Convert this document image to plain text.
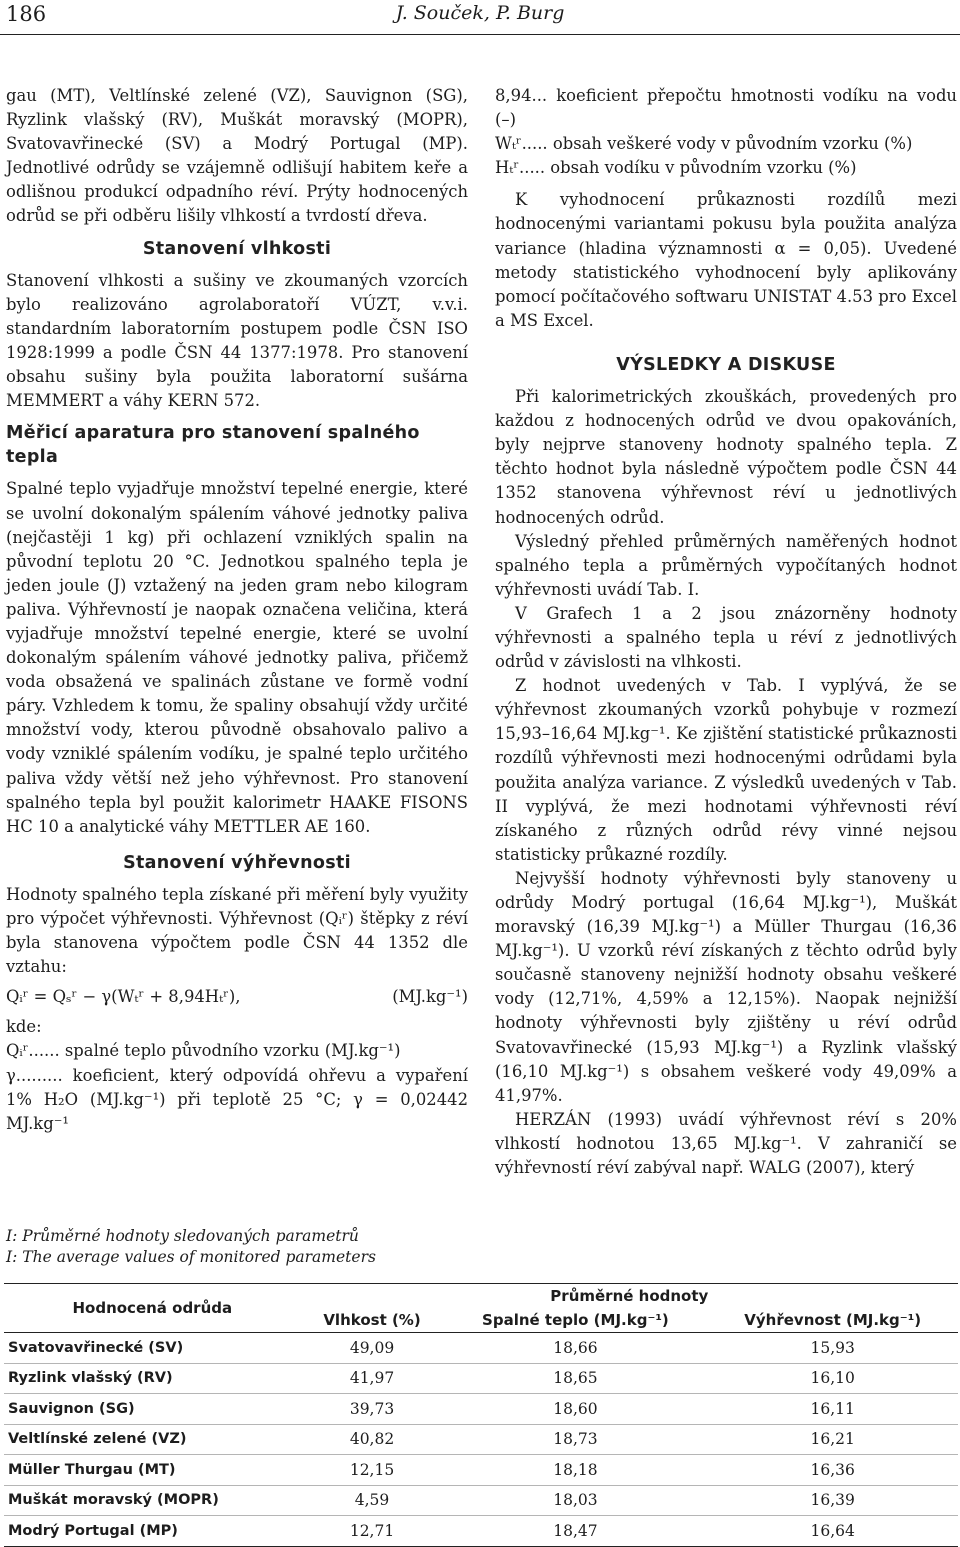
186	J. Souček, P. Burg

gau (MT), Veltlínské zelené (VZ), Sauvignon (SG), Ryzlink vlašský (RV), Muškát moravský (MOPR), Svatovavřinecké (SV) a Modrý Portugal (MP). Jednotlivé odrůdy se vzájemně odlišují habitem keře a odlišnou produkcí odpadního réví. Prýty hodnocených odrůd se při odběru lišily vlhkostí a tvrdostí dřeva.

Stanovení vlhkosti

Stanovení vlhkosti a sušiny ve zkoumaných vzorcích bylo realizováno agrolaboratoří VÚZT, v.v.i. standardním laboratorním postupem podle ČSN ISO 1928:1999 a podle ČSN 44 1377:1978. Pro stanovení obsahu sušiny byla použita laboratorní sušárna MEMMERT a váhy KERN 572.

Měřicí aparatura pro stanovení spalného tepla

Spalné teplo vyjadřuje množství tepelné energie, které se uvolní dokonalým spálením váhové jednotky paliva (nejčastěji 1 kg) při ochlazení vzniklých spalin na původní teplotu 20 °C. Jednotkou spalného tepla je jeden joule (J) vztažený na jeden gram nebo kilogram paliva. Výhřevností je naopak označena veličina, která vyjadřuje množství tepelné energie, které se uvolní dokonalým spálením váhové jednotky paliva, přičemž voda obsažená ve spalinách zůstane ve formě vodní páry. Vzhledem k tomu, že spaliny obsahují vždy určité množství vody, kterou původně obsahovalo palivo a vody vzniklé spálením vodíku, je spalné teplo určitého paliva vždy větší než jeho výhřevnost. Pro stanovení spalného tepla byl použit kalorimetr HAAKE FISONS HC 10 a analytické váhy METTLER AE 160.

Stanovení výhřevnosti

Hodnoty spalného tepla získané při měření byly využity pro výpočet výhřevnosti. Výhřevnost (Qᵢʳ) štěpky z réví byla stanovena výpočtem podle ČSN 44 1352 dle vztahu:

Qᵢʳ = Qₛʳ − γ(Wₜʳ + 8,94Hₜʳ),	(MJ.kg⁻¹)

kde:

Qᵢʳ...... spalné teplo původního vzorku (MJ.kg⁻¹)

γ......... koeficient, který odpovídá ohřevu a vypaření 1% H₂O (MJ.kg⁻¹) při teplotě 25 °C; γ = 0,02442 MJ.kg⁻¹

8,94... koeficient přepočtu hmotnosti vodíku na vodu (–)

Wₜʳ..... obsah veškeré vody v původním vzorku (%)

Hₜʳ..... obsah vodíku v původním vzorku (%)

K vyhodnocení průkaznosti rozdílů mezi hodnocenými variantami pokusu byla použita analýza variance (hladina významnosti α = 0,05). Uvedené metody statistického vyhodnocení byly aplikovány pomocí počítačového softwaru UNISTAT 4.53 pro Excel a MS Excel.

VÝSLEDKY A DISKUSE

Při kalorimetrických zkouškách, provedených pro každou z hodnocených odrůd ve dvou opakováních, byly nejprve stanoveny hodnoty spalného tepla. Z těchto hodnot byla následně výpočtem podle ČSN 44 1352 stanovena výhřevnost réví u jednotlivých hodnocených odrůd.

Výsledný přehled průměrných naměřených hodnot spalného tepla a průměrných vypočítaných hodnot výhřevnosti uvádí Tab. I.

V Grafech 1 a 2 jsou znázorněny hodnoty výhřevnosti a spalného tepla u réví z jednotlivých odrůd v závislosti na vlhkosti.

Z hodnot uvedených v Tab. I vyplývá, že se výhřevnost zkoumaných vzorků pohybuje v rozmezí 15,93–16,64 MJ.kg⁻¹. Ke zjištění statistické průkaznosti rozdílů výhřevnosti mezi hodnocenými odrůdami byla použita analýza variance. Z výsledků uvedených v Tab. II vyplývá, že mezi hodnotami výhřevnosti réví získaného z různých odrůd révy vinné nejsou statisticky průkazné rozdíly.

Nejvyšší hodnoty výhřevnosti byly stanoveny u odrůdy Modrý portugal (16,64 MJ.kg⁻¹), Muškát moravský (16,39 MJ.kg⁻¹) a Müller Thurgau (16,36 MJ.kg⁻¹). U vzorků réví získaných z těchto odrůd byly současně stanoveny nejnižší hodnoty obsahu veškeré vody (12,71%, 4,59% a 12,15%). Naopak nejnižší hodnoty výhřevnosti byly zjištěny u réví odrůd Svatovavřinecké (15,93 MJ.kg⁻¹) a Ryzlink vlašský (16,10 MJ.kg⁻¹) s obsahem veškeré vody 49,09% a 41,97%.

HERZÁN (1993) uvádí výhřevnost réví s 20% vlhkostí hodnotou 13,65 MJ.kg⁻¹. V zahraničí se výhřevností réví zabýval např. WALG (2007), který

I: Průměrné hodnoty sledovaných parametrů
I: The average values of monitored parameters
Hodnocená odrůda	Průměrné hodnoty		
	Vlhkost (%)	Spalné teplo (MJ.kg⁻¹)	Výhřevnost (MJ.kg⁻¹)
Svatovavřinecké (SV)	49,09	18,66	15,93
Ryzlink vlašský (RV)	41,97	18,65	16,10
Sauvignon (SG)	39,73	18,60	16,11
Veltlínské zelené (VZ)	40,82	18,73	16,21
Müller Thurgau (MT)	12,15	18,18	16,36
Muškát moravský (MOPR)	4,59	18,03	16,39
Modrý Portugal (MP)	12,71	18,47	16,64
